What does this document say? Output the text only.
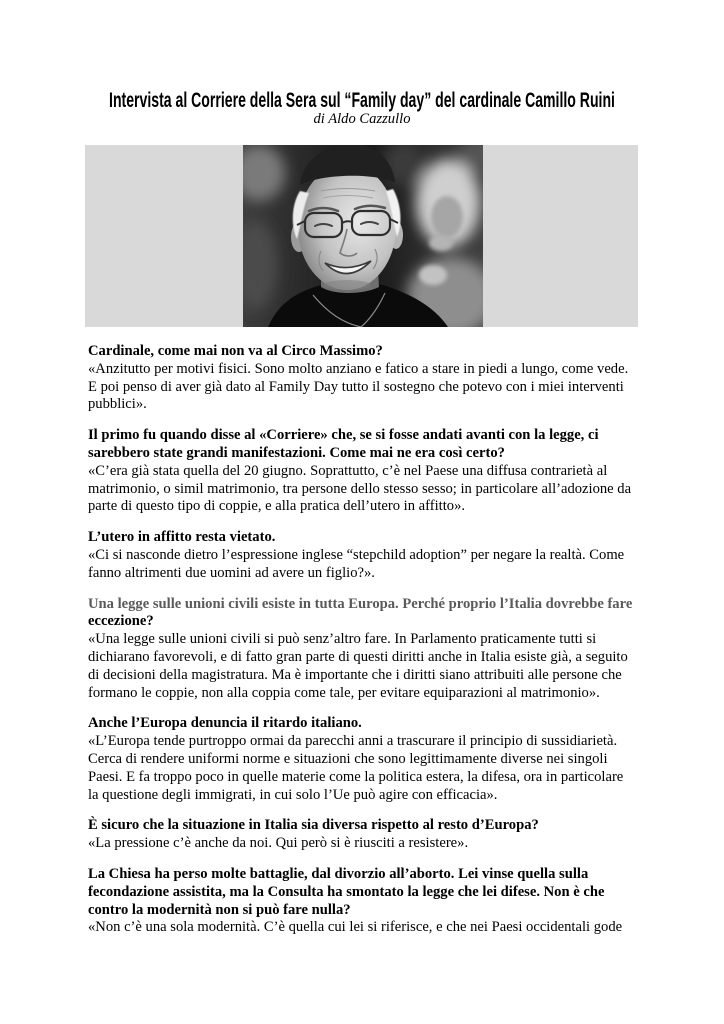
Intervista al Corriere della Sera sul “Family day” del cardinale Camillo Ruini
di Aldo Cazzullo
Cardinale, come mai non va al Circo Massimo?
«Anzitutto per motivi fisici. Sono molto anziano e fatico a stare in piedi a lungo, come vede.
E poi penso di aver già dato al Family Day tutto il sostegno che potevo con i miei interventi
pubblici».
Il primo fu quando disse al «Corriere» che, se si fosse andati avanti con la legge, ci
sarebbero state grandi manifestazioni. Come mai ne era così certo?
«C’era già stata quella del 20 giugno. Soprattutto, c’è nel Paese una diffusa contrarietà al
matrimonio, o simil matrimonio, tra persone dello stesso sesso; in particolare all’adozione da
parte di questo tipo di coppie, e alla pratica dell’utero in affitto».
L’utero in affitto resta vietato.
«Ci si nasconde dietro l’espressione inglese “stepchild adoption” per negare la realtà. Come
fanno altrimenti due uomini ad avere un figlio?».
Una legge sulle unioni civili esiste in tutta Europa. Perché proprio l’Italia dovrebbe fare
eccezione?
«Una legge sulle unioni civili si può senz’altro fare. In Parlamento praticamente tutti si
dichiarano favorevoli, e di fatto gran parte di questi diritti anche in Italia esiste già, a seguito
di decisioni della magistratura. Ma è importante che i diritti siano attribuiti alle persone che
formano le coppie, non alla coppia come tale, per evitare equiparazioni al matrimonio».
Anche l’Europa denuncia il ritardo italiano.
«L’Europa tende purtroppo ormai da parecchi anni a trascurare il principio di sussidiarietà.
Cerca di rendere uniformi norme e situazioni che sono legittimamente diverse nei singoli
Paesi. E fa troppo poco in quelle materie come la politica estera, la difesa, ora in particolare
la questione degli immigrati, in cui solo l’Ue può agire con efficacia».
È sicuro che la situazione in Italia sia diversa rispetto al resto d’Europa?
«La pressione c’è anche da noi. Qui però si è riusciti a resistere».
La Chiesa ha perso molte battaglie, dal divorzio all’aborto. Lei vinse quella sulla
fecondazione assistita, ma la Consulta ha smontato la legge che lei difese. Non è che
contro la modernità non si può fare nulla?
«Non c’è una sola modernità. C’è quella cui lei si riferisce, e che nei Paesi occidentali gode
